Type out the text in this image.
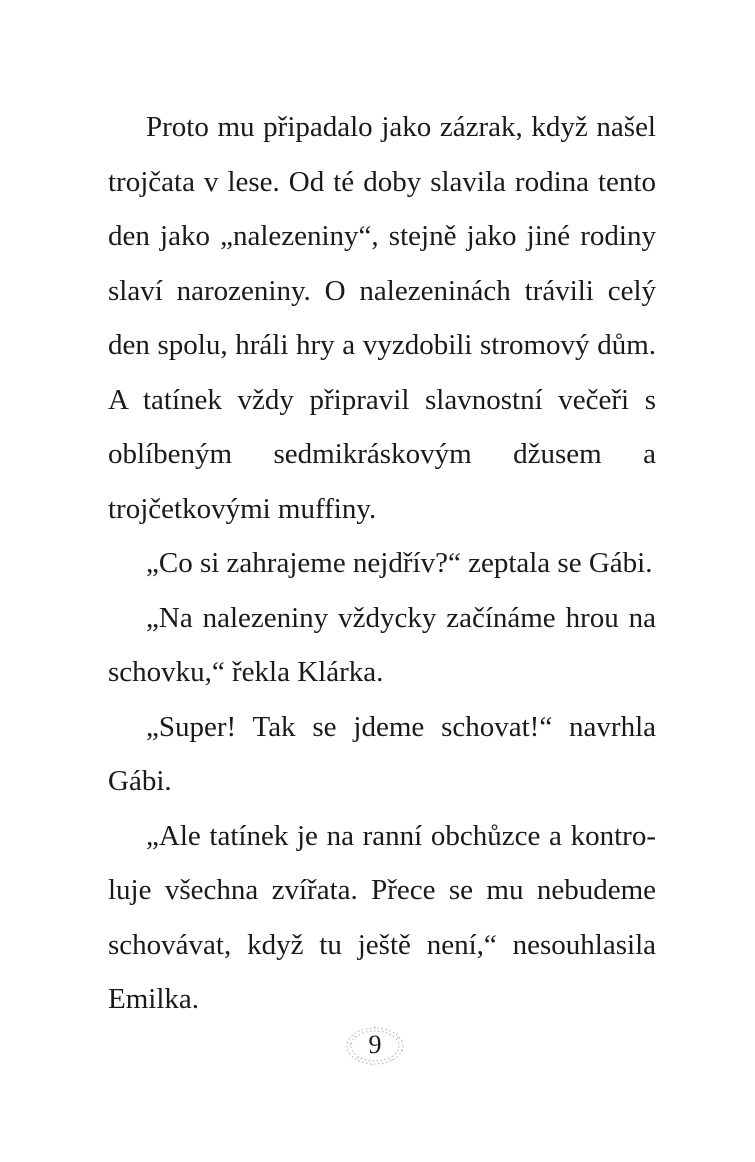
Proto mu připadalo jako zázrak, když našel trojčata v lese. Od té doby slavila rodina tento den jako „nalezeniny“, stejně jako jiné rodiny slaví narozeniny. O nalezeninách trávili celý den spolu, hráli hry a vyzdobili stromový dům. A tatínek vždy připravil slavnostní večeři s oblíbeným sedmikráskovým džusem a trojčetkovými muffiny.

„Co si zahrajeme nejdřív?“ zeptala se Gábi.

„Na nalezeniny vždycky začínáme hrou na schovku,“ řekla Klárka.

„Super! Tak se jdeme schovat!“ navrhla Gábi.

„Ale tatínek je na ranní obchůzce a kontroluje všechna zvířata. Přece se mu nebudeme schovávat, když tu ještě není,“ nesouhlasila Emilka.

9
